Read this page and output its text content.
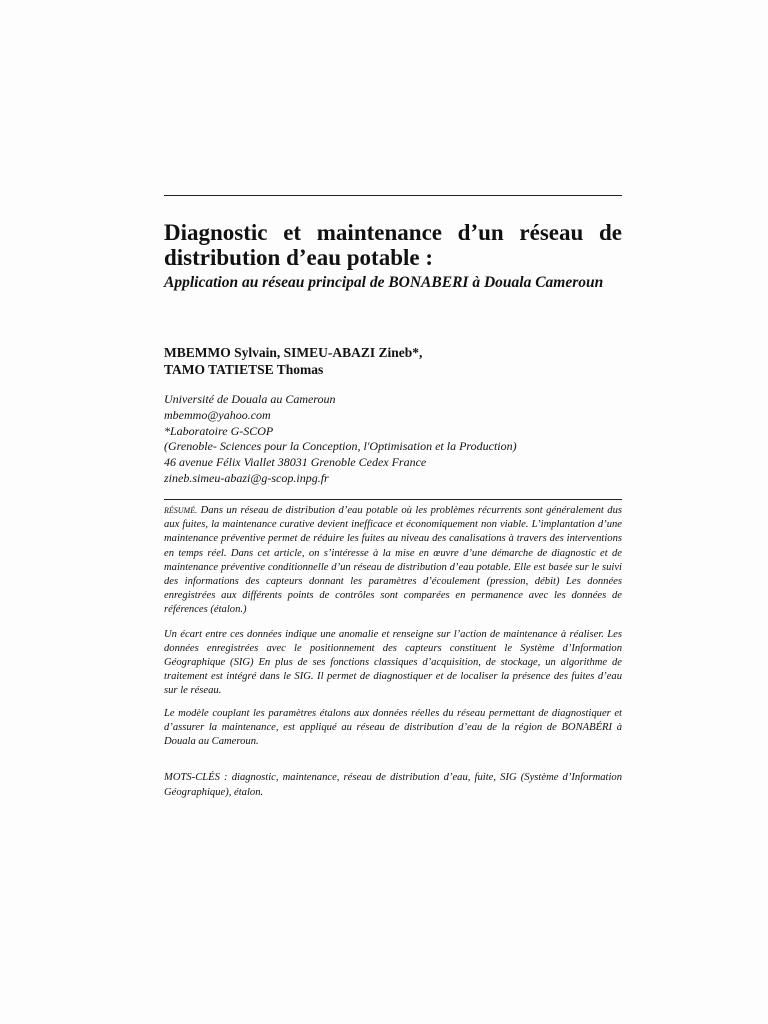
Diagnostic et maintenance d’un réseau de distribution d’eau potable :
Application au réseau principal de BONABERI à Douala Cameroun
MBEMMO Sylvain, SIMEU-ABAZI Zineb*,
TAMO TATIETSE Thomas
Université de Douala au Cameroun
mbemmo@yahoo.com
*Laboratoire G-SCOP
(Grenoble- Sciences pour la Conception, l'Optimisation et la Production)
46 avenue Félix Viallet 38031 Grenoble Cedex France
zineb.simeu-abazi@g-scop.inpg.fr

RÉSUMÉ. Dans un réseau de distribution d’eau potable où les problèmes récurrents sont généralement dus aux fuites, la maintenance curative devient inefficace et économiquement non viable. L’implantation d’une maintenance préventive permet de réduire les fuites au niveau des canalisations à travers des interventions en temps réel. Dans cet article, on s’intéresse à la mise en œuvre d’une démarche de diagnostic et de maintenance préventive conditionnelle d’un réseau de distribution d’eau potable. Elle est basée sur le suivi des informations des capteurs donnant les paramètres d’écoulement (pression, débit) Les données enregistrées aux différents points de contrôles sont comparées en permanence avec les données de références (étalon.)

Un écart entre ces données indique une anomalie et renseigne sur l’action de maintenance à réaliser. Les données enregistrées avec le positionnement des capteurs constituent le Système d’Information Géographique (SIG) En plus de ses fonctions classiques d’acquisition, de stockage, un algorithme de traitement est intégré dans le SIG. Il permet de diagnostiquer et de localiser la présence des fuites d’eau sur le réseau.

Le modèle couplant les paramètres étalons aux données réelles du réseau permettant de diagnostiquer et d’assurer la maintenance, est appliqué au réseau de distribution d’eau de la région de BONABÉRI à Douala au Cameroun.

MOTS-CLÉS : diagnostic, maintenance, réseau de distribution d’eau, fuite, SIG (Système d’Information Géographique), étalon.
